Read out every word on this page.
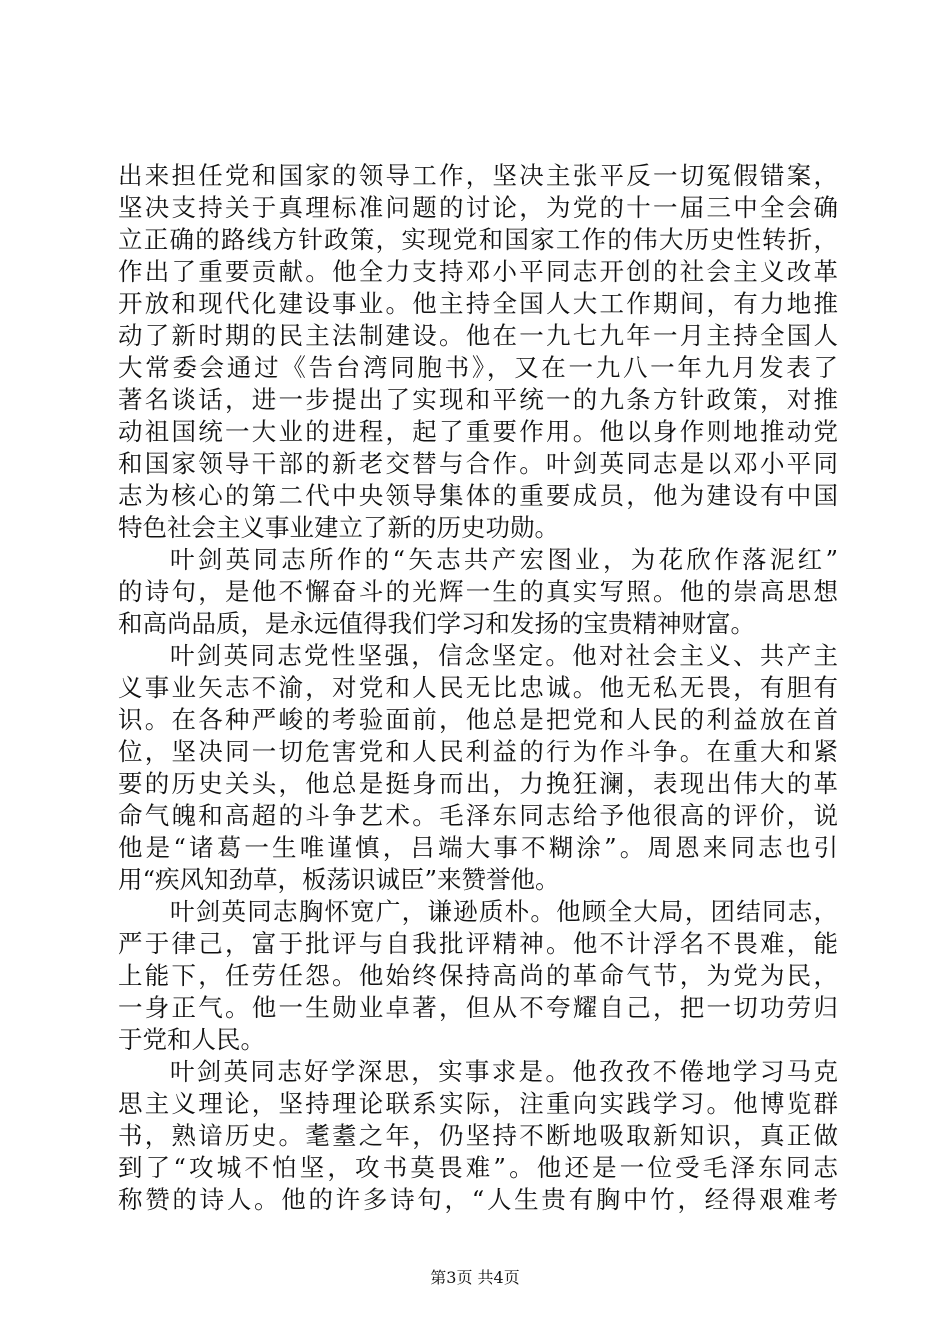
出来担任党和国家的领导工作，坚决主张平反一切冤假错案，
坚决支持关于真理标准问题的讨论，为党的十一届三中全会确
立正确的路线方针政策，实现党和国家工作的伟大历史性转折，
作出了重要贡献。他全力支持邓小平同志开创的社会主义改革
开放和现代化建设事业。他主持全国人大工作期间，有力地推
动了新时期的民主法制建设。他在一九七九年一月主持全国人
大常委会通过《告台湾同胞书》，又在一九八一年九月发表了
著名谈话，进一步提出了实现和平统一的九条方针政策，对推
动祖国统一大业的进程，起了重要作用。他以身作则地推动党
和国家领导干部的新老交替与合作。叶剑英同志是以邓小平同
志为核心的第二代中央领导集体的重要成员，他为建设有中国
特色社会主义事业建立了新的历史功勋。
叶剑英同志所作的“矢志共产宏图业，为花欣作落泥红”
的诗句，是他不懈奋斗的光辉一生的真实写照。他的崇高思想
和高尚品质，是永远值得我们学习和发扬的宝贵精神财富。
叶剑英同志党性坚强，信念坚定。他对社会主义、共产主
义事业矢志不渝，对党和人民无比忠诚。他无私无畏，有胆有
识。在各种严峻的考验面前，他总是把党和人民的利益放在首
位，坚决同一切危害党和人民利益的行为作斗争。在重大和紧
要的历史关头，他总是挺身而出，力挽狂澜，表现出伟大的革
命气魄和高超的斗争艺术。毛泽东同志给予他很高的评价，说
他是“诸葛一生唯谨慎，吕端大事不糊涂”。周恩来同志也引
用“疾风知劲草，板荡识诚臣”来赞誉他。
叶剑英同志胸怀宽广，谦逊质朴。他顾全大局，团结同志，
严于律己，富于批评与自我批评精神。他不计浮名不畏难，能
上能下，任劳任怨。他始终保持高尚的革命气节，为党为民，
一身正气。他一生勋业卓著，但从不夸耀自己，把一切功劳归
于党和人民。
叶剑英同志好学深思，实事求是。他孜孜不倦地学习马克
思主义理论，坚持理论联系实际，注重向实践学习。他博览群
书，熟谙历史。耄耋之年，仍坚持不断地吸取新知识，真正做
到了“攻城不怕坚，攻书莫畏难”。他还是一位受毛泽东同志
称赞的诗人。他的许多诗句，“人生贵有胸中竹，经得艰难考
第3页 共4页
